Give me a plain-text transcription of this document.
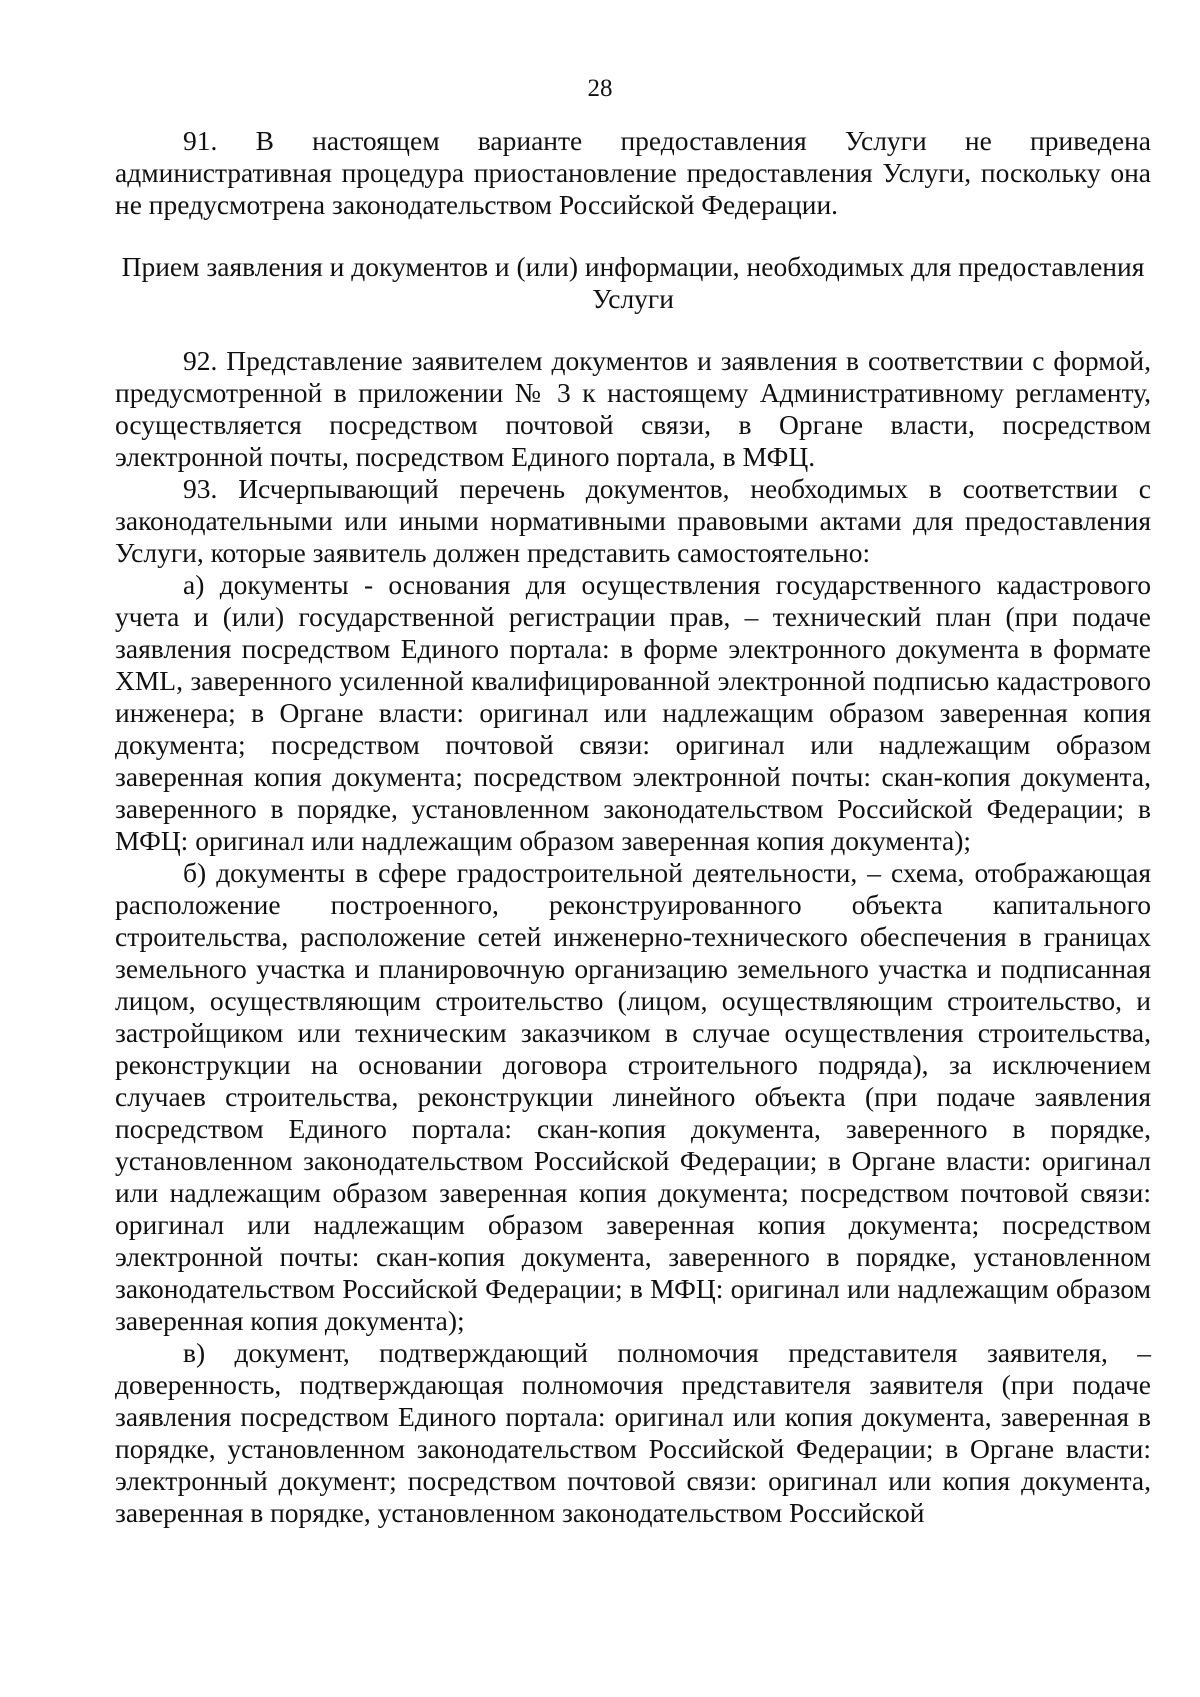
28

91. В настоящем варианте предоставления Услуги не приведена административная процедура приостановление предоставления Услуги, поскольку она не предусмотрена законодательством Российской Федерации.

Прием заявления и документов и (или) информации, необходимых для предоставления Услуги

92. Представление заявителем документов и заявления в соответствии с формой, предусмотренной в приложении № 3 к настоящему Административному регламенту, осуществляется посредством почтовой связи, в Органе власти, посредством электронной почты, посредством Единого портала, в МФЦ.

93. Исчерпывающий перечень документов, необходимых в соответствии с законодательными или иными нормативными правовыми актами для предоставления Услуги, которые заявитель должен представить самостоятельно:

а) документы - основания для осуществления государственного кадастрового учета и (или) государственной регистрации прав, – технический план (при подаче заявления посредством Единого портала: в форме электронного документа в формате XML, заверенного усиленной квалифицированной электронной подписью кадастрового инженера; в Органе власти: оригинал или надлежащим образом заверенная копия документа; посредством почтовой связи: оригинал или надлежащим образом заверенная копия документа; посредством электронной почты: скан-копия документа, заверенного в порядке, установленном законодательством Российской Федерации; в МФЦ: оригинал или надлежащим образом заверенная копия документа);

б) документы в сфере градостроительной деятельности, – схема, отображающая расположение построенного, реконструированного объекта капитального строительства, расположение сетей инженерно-технического обеспечения в границах земельного участка и планировочную организацию земельного участка и подписанная лицом, осуществляющим строительство (лицом, осуществляющим строительство, и застройщиком или техническим заказчиком в случае осуществления строительства, реконструкции на основании договора строительного подряда), за исключением случаев строительства, реконструкции линейного объекта (при подаче заявления посредством Единого портала: скан-копия документа, заверенного в порядке, установленном законодательством Российской Федерации; в Органе власти: оригинал или надлежащим образом заверенная копия документа; посредством почтовой связи: оригинал или надлежащим образом заверенная копия документа; посредством электронной почты: скан-копия документа, заверенного в порядке, установленном законодательством Российской Федерации; в МФЦ: оригинал или надлежащим образом заверенная копия документа);

в) документ, подтверждающий полномочия представителя заявителя, – доверенность, подтверждающая полномочия представителя заявителя (при подаче заявления посредством Единого портала: оригинал или копия документа, заверенная в порядке, установленном законодательством Российской Федерации; в Органе власти: электронный документ; посредством почтовой связи: оригинал или копия документа, заверенная в порядке, установленном законодательством Российской
